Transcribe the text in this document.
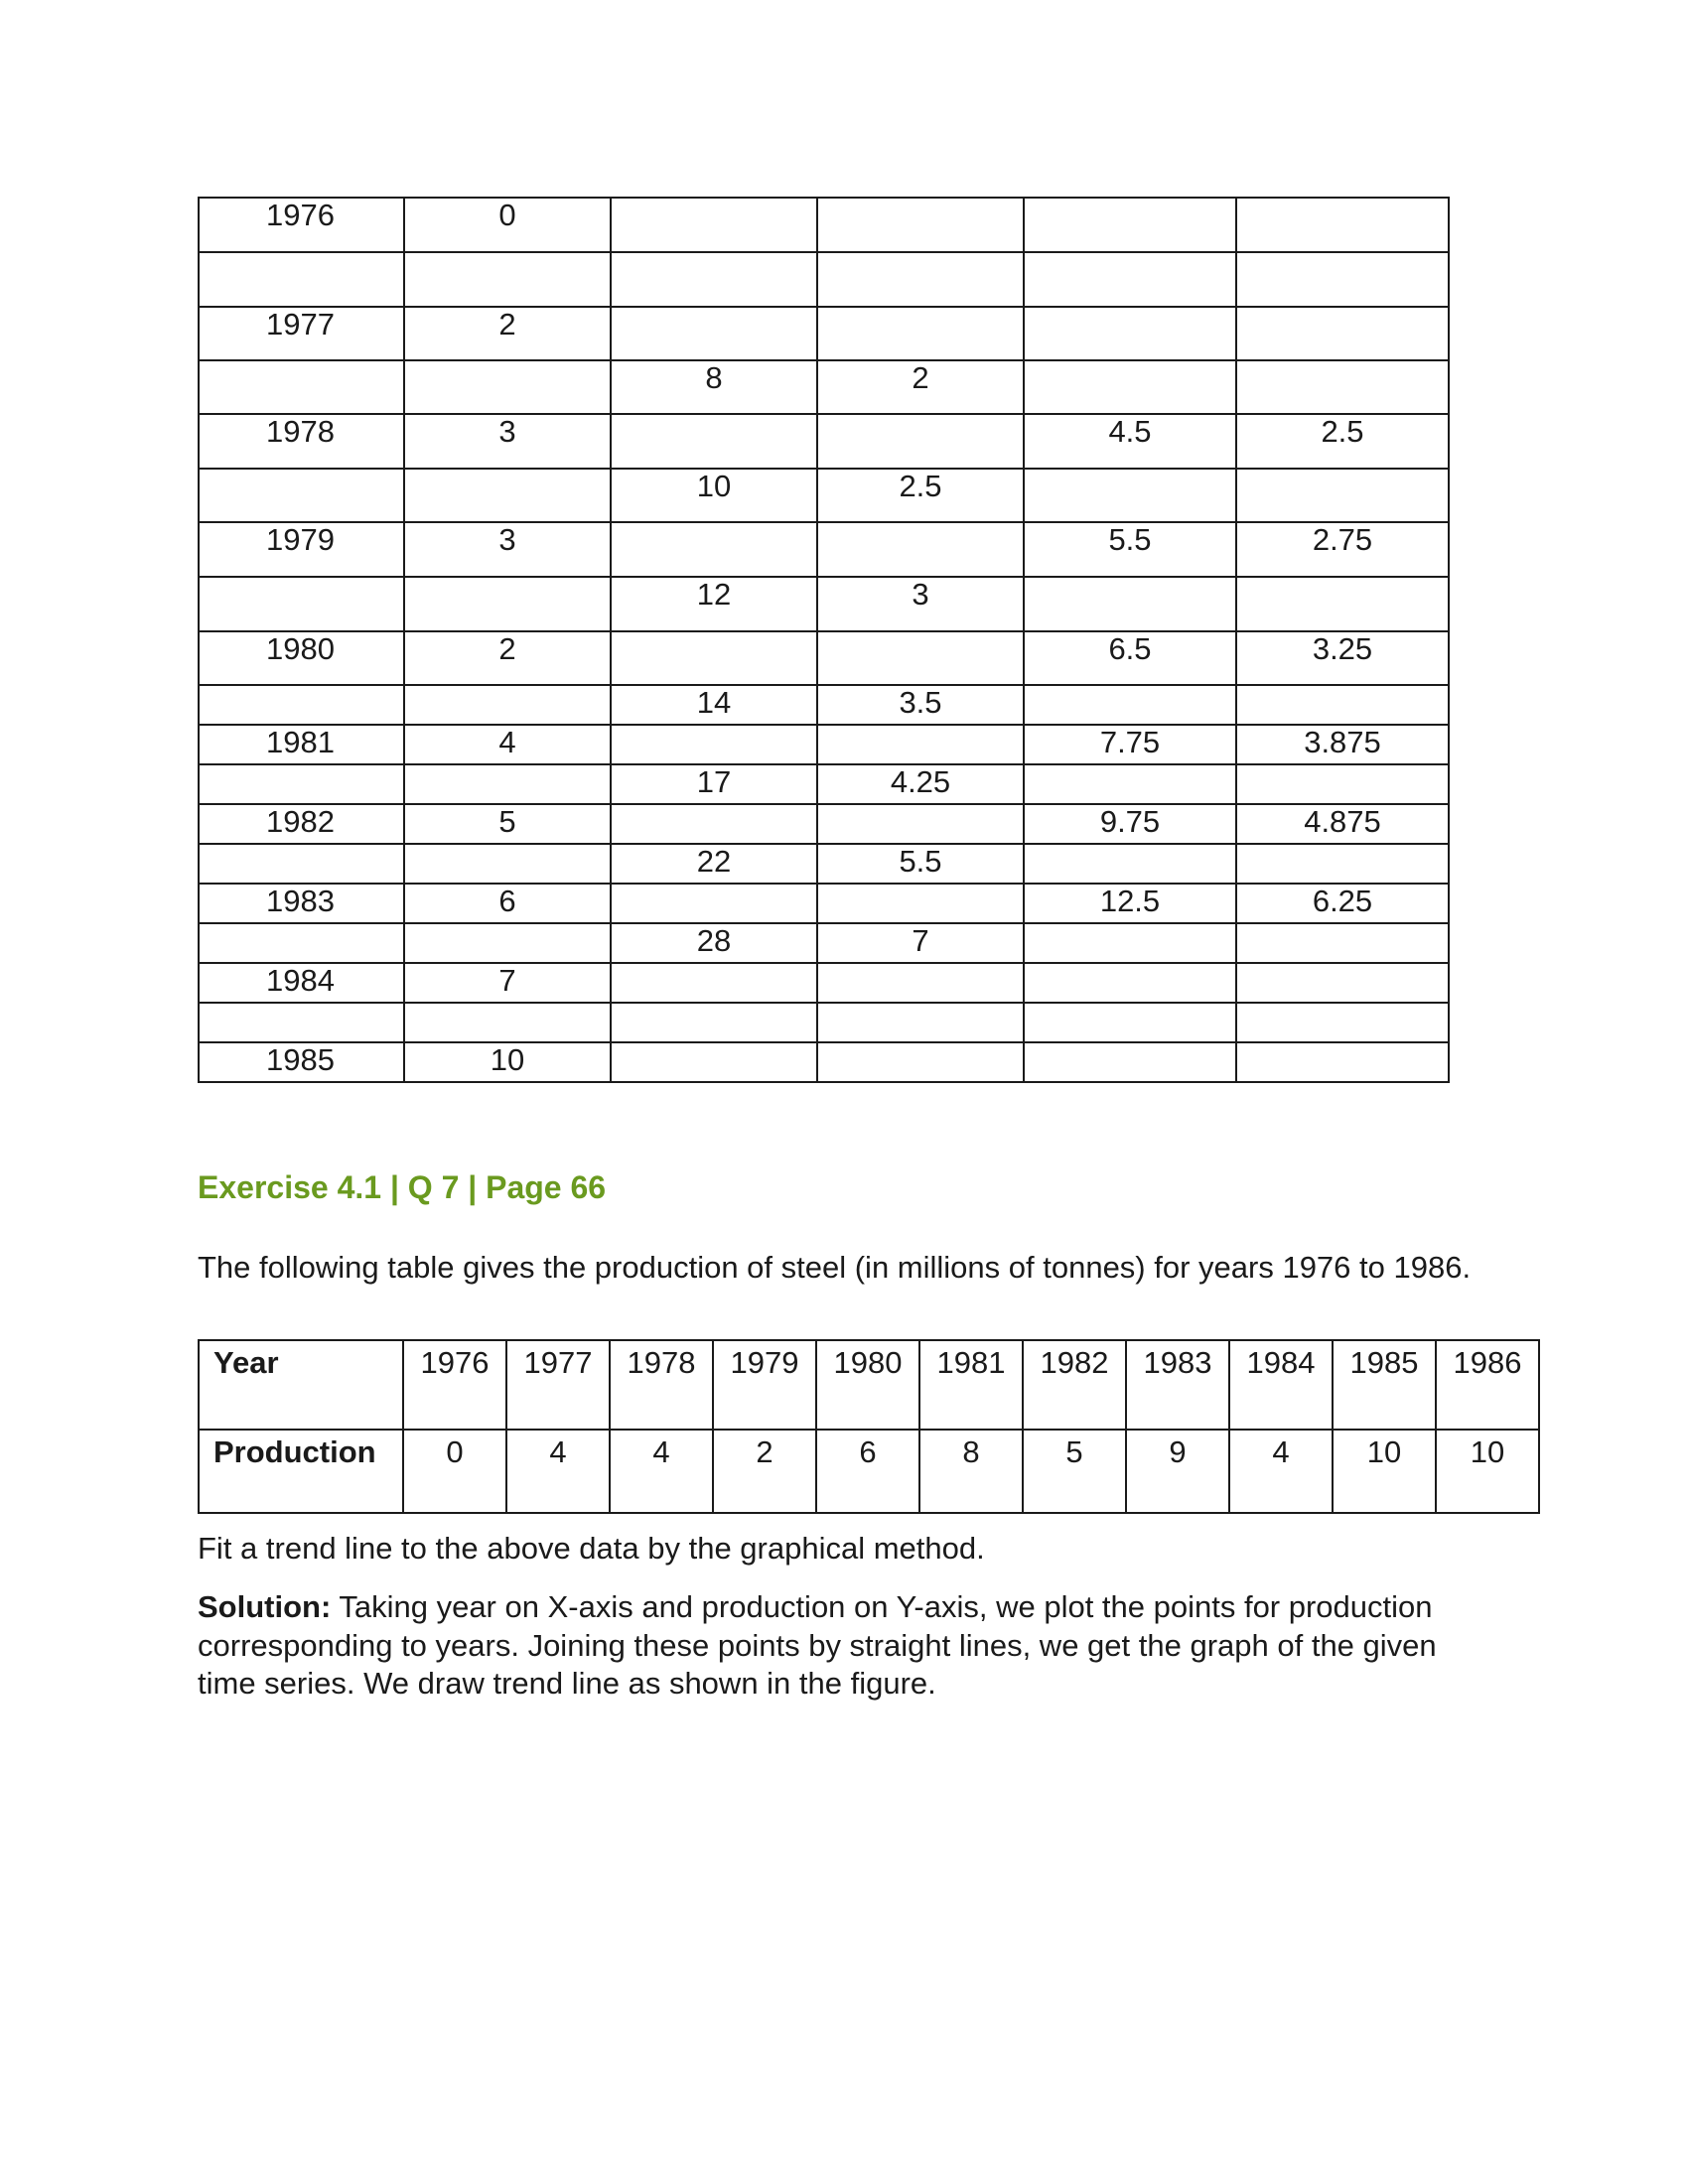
1976	0				

1977	2				
		8	2		
1978	3			4.5	2.5
		10	2.5		
1979	3			5.5	2.75
		12	3		
1980	2			6.5	3.25
		14	3.5		
1981	4			7.75	3.875
		17	4.25		
1982	5			9.75	4.875
		22	5.5		
1983	6			12.5	6.25
		28	7		
1984	7				

1985	10				
Exercise 4.1 | Q 7 | Page 66

The following table gives the production of steel (in millions of tonnes) for years 1976 to 1986.

Year	1976	1977	1978	1979	1980	1981	1982	1983	1984	1985	1986
Production	0	4	4	2	6	8	5	9	4	10	10

Fit a trend line to the above data by the graphical method.

Solution: Taking year on X-axis and production on Y-axis, we plot the points for production corresponding to years. Joining these points by straight lines, we get the graph of the given time series. We draw trend line as shown in the figure.
